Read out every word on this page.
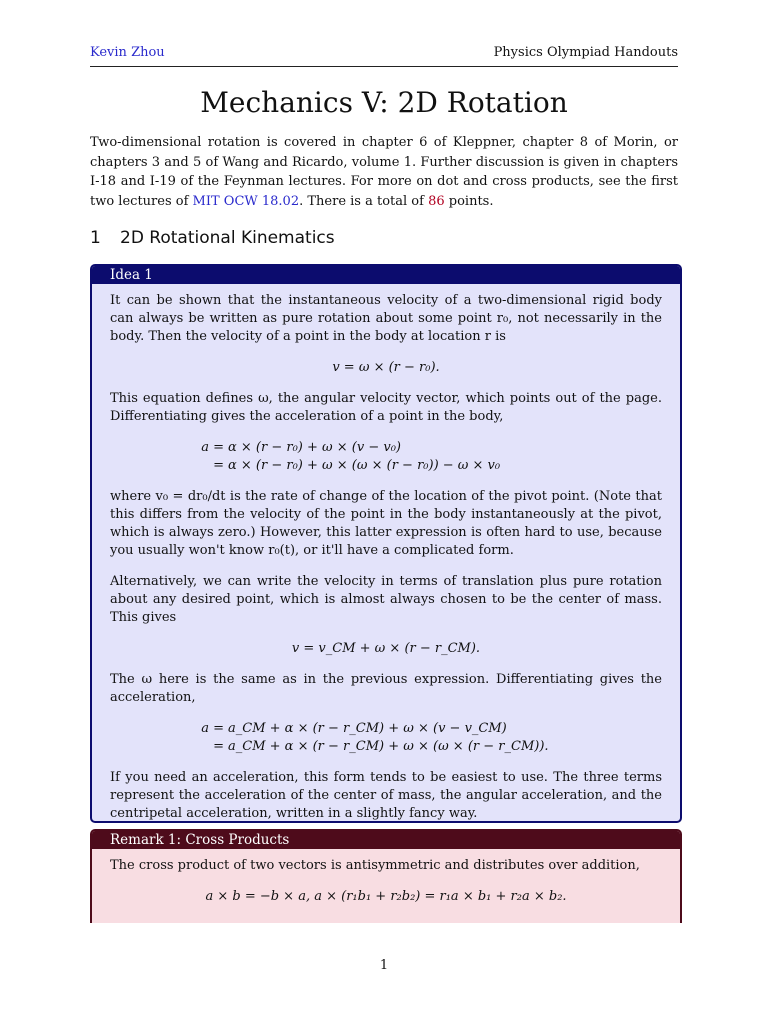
Kevin Zhou	Physics Olympiad Handouts
Mechanics V: 2D Rotation
Two-dimensional rotation is covered in chapter 6 of Kleppner, chapter 8 of Morin, or chapters 3 and 5 of Wang and Ricardo, volume 1. Further discussion is given in chapters I-18 and I-19 of the Feynman lectures. For more on dot and cross products, see the first two lectures of MIT OCW 18.02. There is a total of 86 points.
1 2D Rotational Kinematics
Idea 1

It can be shown that the instantaneous velocity of a two-dimensional rigid body can always be written as pure rotation about some point r₀, not necessarily in the body. Then the velocity of a point in the body at location r is

v = ω × (r − r₀).

This equation defines ω, the angular velocity vector, which points out of the page. Differentiating gives the acceleration of a point in the body,

a = α × (r − r₀) + ω × (v − v₀)
= α × (r − r₀) + ω × (ω × (r − r₀)) − ω × v₀

where v₀ = dr₀/dt is the rate of change of the location of the pivot point. (Note that this differs from the velocity of the point in the body instantaneously at the pivot, which is always zero.) However, this latter expression is often hard to use, because you usually won't know r₀(t), or it'll have a complicated form.

Alternatively, we can write the velocity in terms of translation plus pure rotation about any desired point, which is almost always chosen to be the center of mass. This gives

v = v_CM + ω × (r − r_CM).

The ω here is the same as in the previous expression. Differentiating gives the acceleration,

a = a_CM + α × (r − r_CM) + ω × (v − v_CM)
= a_CM + α × (r − r_CM) + ω × (ω × (r − r_CM)).

If you need an acceleration, this form tends to be easiest to use. The three terms represent the acceleration of the center of mass, the angular acceleration, and the centripetal acceleration, written in a slightly fancy way.

Remark 1: Cross Products

The cross product of two vectors is antisymmetric and distributes over addition,

a × b = −b × a, a × (r₁b₁ + r₂b₂) = r₁a × b₁ + r₂a × b₂.
1
